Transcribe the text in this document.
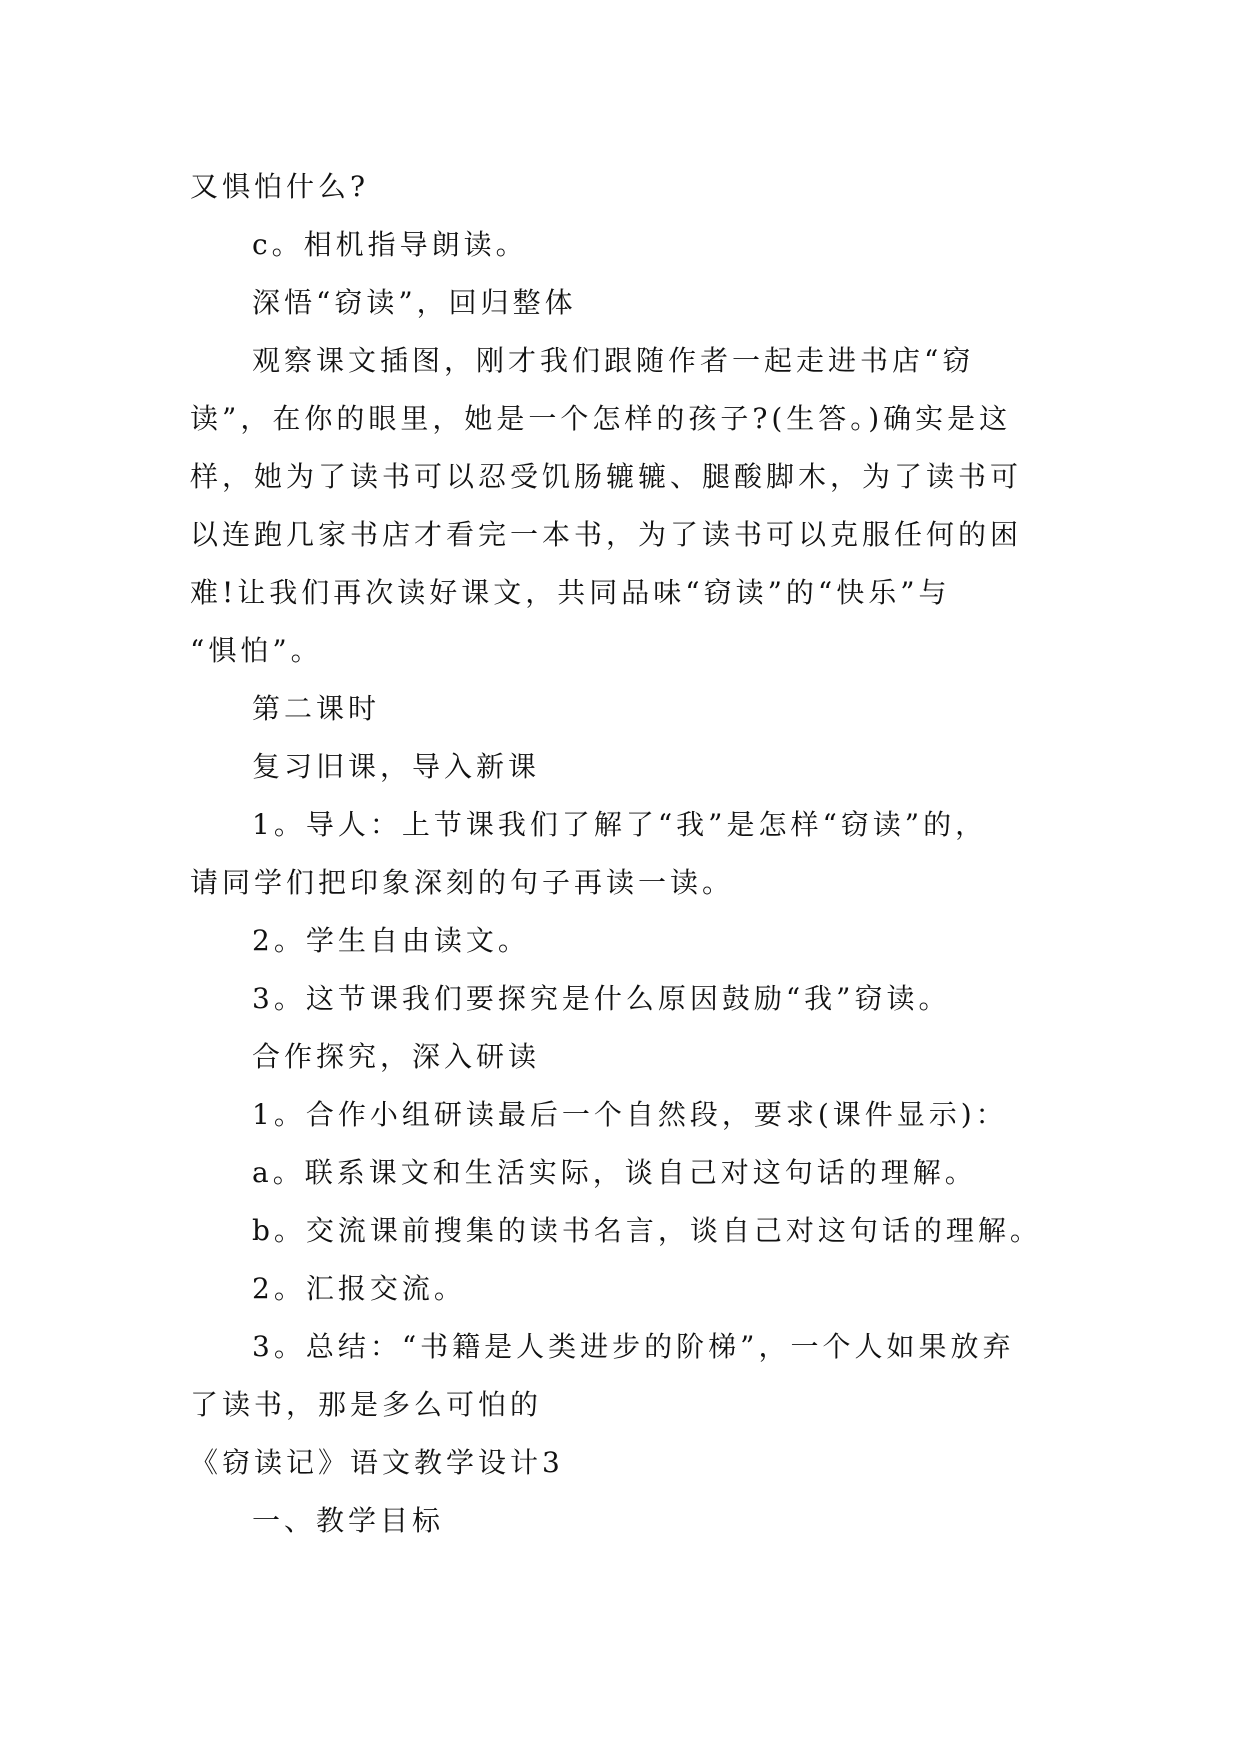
又惧怕什么?
c。相机指导朗读。
深悟“窃读”，回归整体
观察课文插图，刚才我们跟随作者一起走进书店“窃
读”，在你的眼里，她是一个怎样的孩子?(生答。)确实是这
样，她为了读书可以忍受饥肠辘辘、腿酸脚木，为了读书可
以连跑几家书店才看完一本书，为了读书可以克服任何的困
难!让我们再次读好课文，共同品味“窃读”的“快乐”与
“惧怕”。
第二课时
复习旧课，导入新课
1。导人：上节课我们了解了“我”是怎样“窃读”的，
请同学们把印象深刻的句子再读一读。
2。学生自由读文。
3。这节课我们要探究是什么原因鼓励“我”窃读。
合作探究，深入研读
1。合作小组研读最后一个自然段，要求(课件显示)：
a。联系课文和生活实际，谈自己对这句话的理解。
b。交流课前搜集的读书名言，谈自己对这句话的理解。
2。汇报交流。
3。总结：“书籍是人类进步的阶梯”，一个人如果放弃
了读书，那是多么可怕的
《窃读记》语文教学设计3
一、教学目标
